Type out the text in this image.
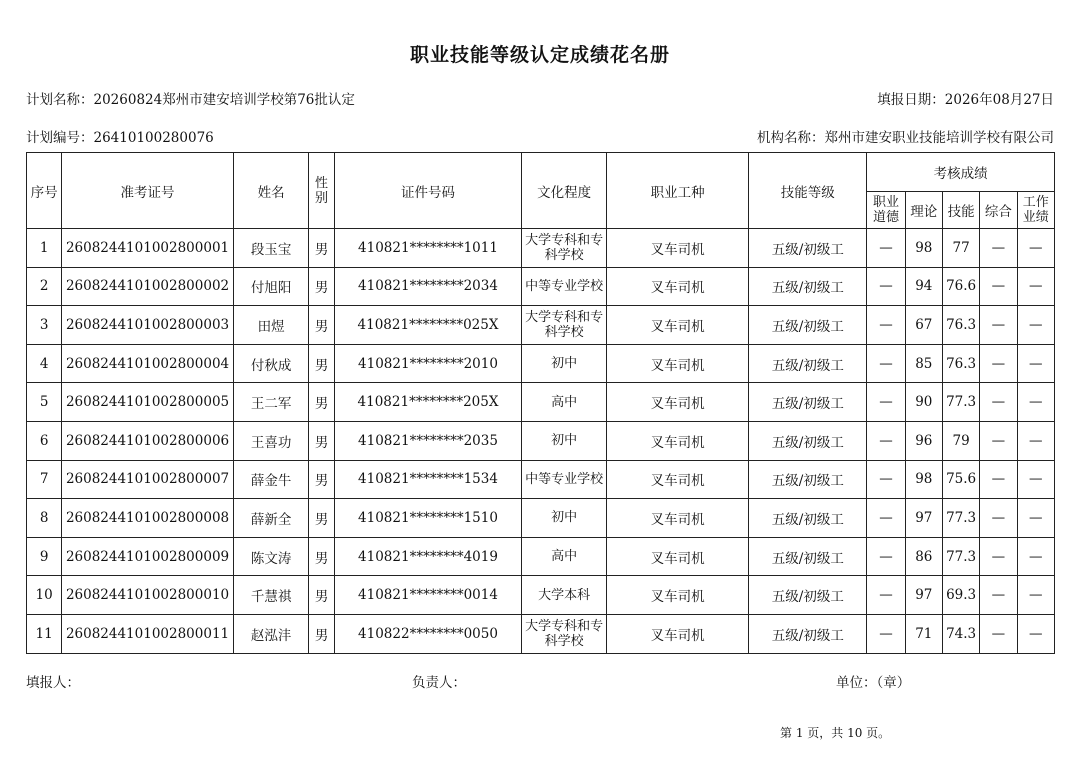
职业技能等级认定成绩花名册
计划名称：20260824郑州市建安培训学校第76批认定	填报日期：2026年08月27日
计划编号：26410100280076	机构名称：郑州市建安职业技能培训学校有限公司
序号	准考证号	姓名	性别	证件号码	文化程度	职业工种	技能等级	考核成绩				
								职业道德	理论	技能	综合	工作业绩
1	2608244101002800001	段玉宝	男	410821********1011	大学专科和专科学校	叉车司机	五级/初级工	—	98	77	—	—
2	2608244101002800002	付旭阳	男	410821********2034	中等专业学校	叉车司机	五级/初级工	—	94	76.6	—	—
3	2608244101002800003	田煜	男	410821********025X	大学专科和专科学校	叉车司机	五级/初级工	—	67	76.3	—	—
4	2608244101002800004	付秋成	男	410821********2010	初中	叉车司机	五级/初级工	—	85	76.3	—	—
5	2608244101002800005	王二军	男	410821********205X	高中	叉车司机	五级/初级工	—	90	77.3	—	—
6	2608244101002800006	王喜功	男	410821********2035	初中	叉车司机	五级/初级工	—	96	79	—	—
7	2608244101002800007	薛金牛	男	410821********1534	中等专业学校	叉车司机	五级/初级工	—	98	75.6	—	—
8	2608244101002800008	薛新全	男	410821********1510	初中	叉车司机	五级/初级工	—	97	77.3	—	—
9	2608244101002800009	陈文涛	男	410821********4019	高中	叉车司机	五级/初级工	—	86	77.3	—	—
10	2608244101002800010	千慧祺	男	410821********0014	大学本科	叉车司机	五级/初级工	—	97	69.3	—	—
11	2608244101002800011	赵泓沣	男	410822********0050	大学专科和专科学校	叉车司机	五级/初级工	—	71	74.3	—	—
填报人：	负责人：	单位：（章）
第 1 页，共 10 页。
